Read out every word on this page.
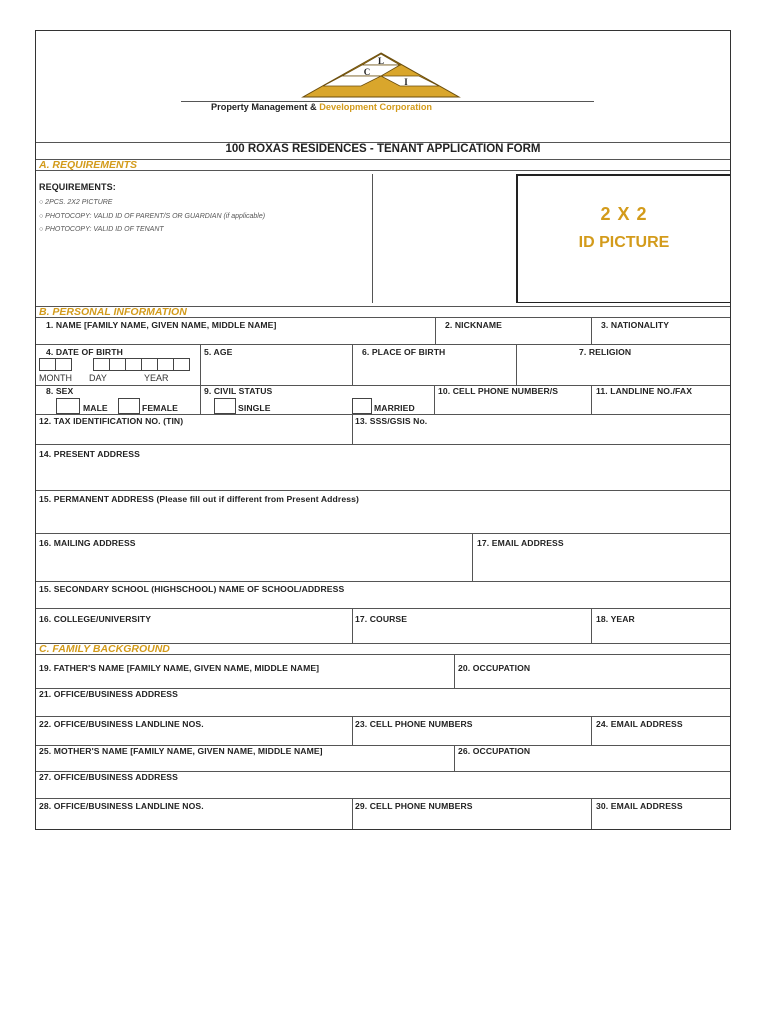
L
C
I
Property Management & Development Corporation
100 ROXAS RESIDENCES - TENANT APPLICATION FORM
A. REQUIREMENTS
REQUIREMENTS:
○ 2PCS. 2X2 PICTURE
○ PHOTOCOPY: VALID ID OF PARENT/S OR GUARDIAN (if applicable)
○ PHOTOCOPY: VALID ID OF TENANT
2 X 2
ID PICTURE
B. PERSONAL INFORMATION
1. NAME [FAMILY NAME, GIVEN NAME, MIDDLE NAME]	2. NICKNAME	3. NATIONALITY
4. DATE OF BIRTH	5. AGE	6. PLACE OF BIRTH	7. RELIGION
MONTH DAY	YEAR
8. SEX	9. CIVIL STATUS	10. CELL PHONE NUMBER/S	11. LANDLINE NO./FAX
MALE	FEMALE	SINGLE	MARRIED
12. TAX IDENTIFICATION NO. (TIN)	13. SSS/GSIS No.
14. PRESENT ADDRESS
15. PERMANENT ADDRESS (Please fill out if different from Present Address)
16. MAILING ADDRESS	17. EMAIL ADDRESS
15. SECONDARY SCHOOL (HIGHSCHOOL) NAME OF SCHOOL/ADDRESS
16. COLLEGE/UNIVERSITY	17. COURSE	18. YEAR
C. FAMILY BACKGROUND
19. FATHER'S NAME [FAMILY NAME, GIVEN NAME, MIDDLE NAME]	20. OCCUPATION
21. OFFICE/BUSINESS ADDRESS
22. OFFICE/BUSINESS LANDLINE NOS.	23. CELL PHONE NUMBERS	24. EMAIL ADDRESS
25. MOTHER'S NAME [FAMILY NAME, GIVEN NAME, MIDDLE NAME]	26. OCCUPATION
27. OFFICE/BUSINESS ADDRESS
28. OFFICE/BUSINESS LANDLINE NOS.	29. CELL PHONE NUMBERS	30. EMAIL ADDRESS
